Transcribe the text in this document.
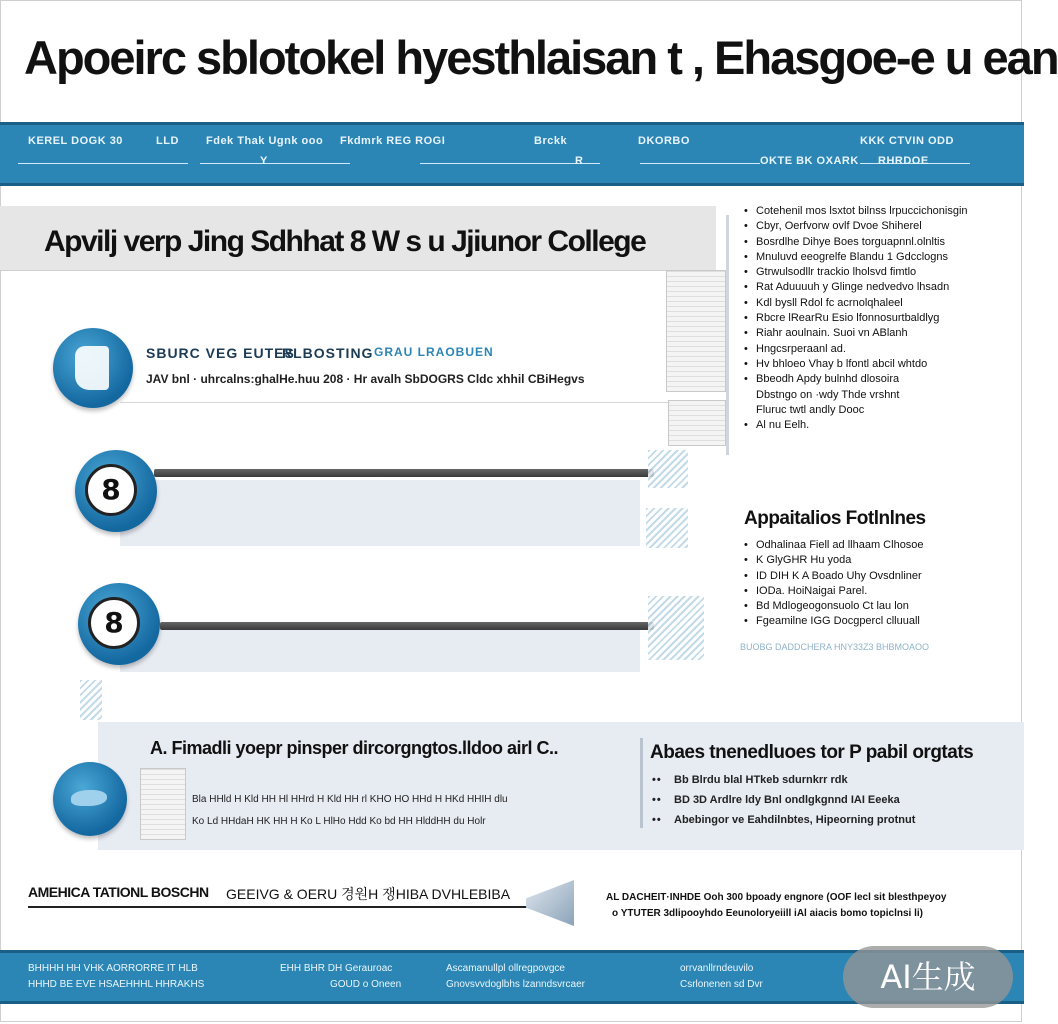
Apoeirc sblotokel hyesthlaisan t , Ehasgoe-e u ean
KEREL DOGK 30	LLD	Fdek Thak Ugnk ooo	Fkdmrk REG ROGI	Brckk	DKORBO	KKK CTVIN ODD
Y	R	OKTE BK OXARK	RHRDOE
Apvilj verp Jing Sdhhat 8 W s u Jjiunor College
• Cotehenil mos lsxtot bilnss lrpuccichonisgin
• Cbyr, Oerfvorw ovlf Dvoe Shiherel
• Bosrdlhe Dihye Boes torguapnnl.olnltis
• Mnuluvd eeogrelfe Blandu 1 Gdcclogns
• Gtrwulsodllr trackio lholsvd fimtlo
• Rat Aduuuuh y Glinge nedvedvo lhsadn
• Kdl bysll Rdol fc acrnolqhaleel
• Rbcre lRearRu Esio lfonnosurtbaldlyg
• Riahr aoulnain. Suoi vn ABlanh
• Hngcsrperaanl ad.
• Hv bhloeo Vhay b lfontl abcil whtdo
• Bbeodh Apdy bulnhd dlosoira
Dbstngo on ·wdy Thde vrshnt
Fluruc twtl andly Dooc
• Al nu Eelh.
SBURC VEG EUTES
RLBOSTING GRAU LRAOBUEN
JAV bnl · uhrcalns:ghalHe.huu 208 · Hr avalh SbDOGRS Cldc xhhil CBiHegvs
8
Appaitalios Fotlnlnes
• Odhalinaa Fiell ad llhaam Clhosoe
• K GlyGHR Hu yoda
• ID DIH K A Boado Uhy Ovsdnliner
• IODa. HoiNaigai Parel.
• Bd Mdlogeogonsuolo Ct lau lon
• Fgeamilne IGG Docgpercl clluuall
BUOBG DADDCHERA HNY33Z3 BHBMOAOO
8
A. Fimadli yoepr pinsper dircorgngtos.lldoo airl C..
Bla HHld H Kld HH Hl HHrd H Kld HH rl KHO HO HHd H HKd HHIH dlu
Ko Ld HHdaH HK HH H Ko L HlHo Hdd Ko bd HH HlddHH du Holr
Abaes tnenedluoes tor P pabil orgtats
• • Bb Blrdu blal HTkeb sdurnkrr rdk
• • BD 3D Ardlre ldy Bnl ondlgkgnnd IAI Eeeka
• • Abebingor ve Eahdilnbtes, Hipeorning protnut
AMEHICA TATIONL BOSCHN	GEEIVG & OERU 경원H 쟁HIBA DVHLEBIBA	AL DACHEIT·INHDE Ooh 300 bpoady engnore (OOF lecl sit blesthpeyoy
o YTUTER 3dlipooyhdo Eeunoloryeiill iAl aiacis bomo topiclnsi li)
BHHHH HH VHK AORRORRE IT HLB
HHHD BE EVE HSAEHHHL HHRAKHS
EHH BHR DH Gerauroac
GOUD o Oneen
Ascamanullpl ollregpovgce
Gnovsvvdoglbhs lzanndsvrcaer
orrvanllrndeuvilo
Csrlonenen sd Dvr	AI生成
